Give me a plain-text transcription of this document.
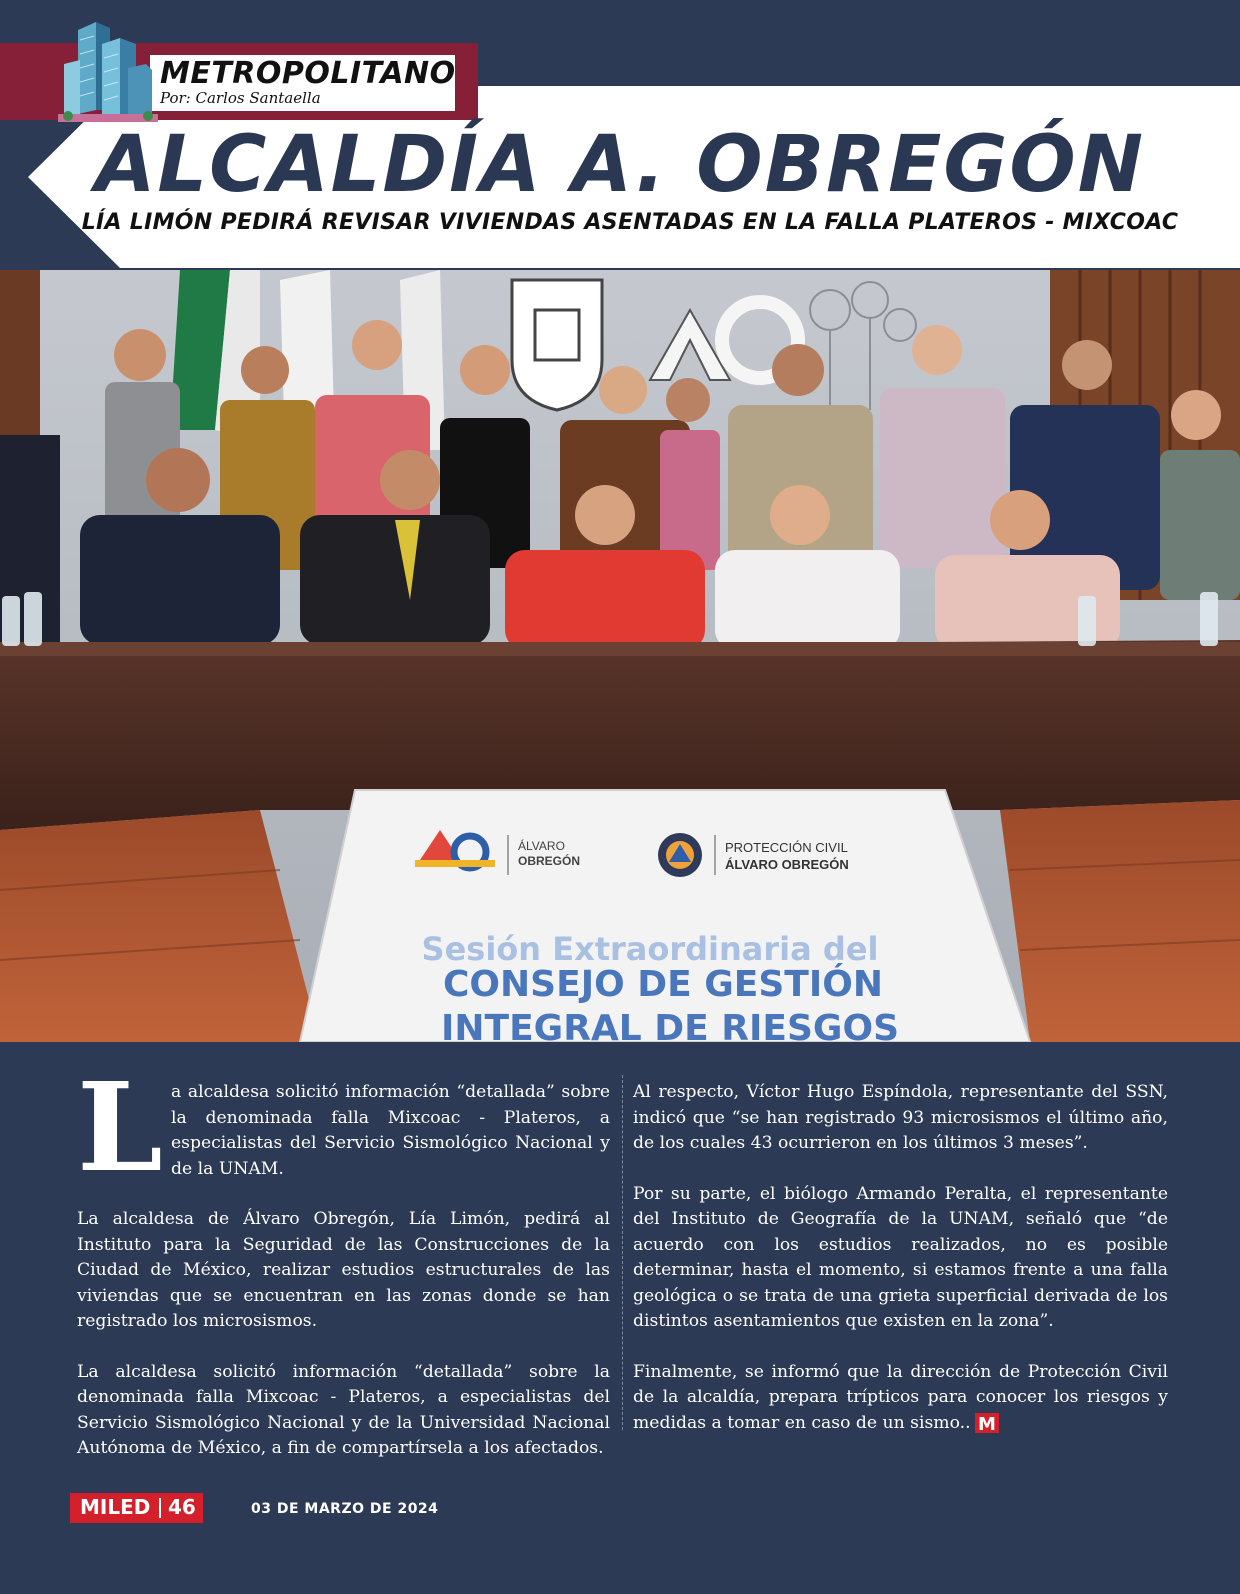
METROPOLITANO
Por: Carlos Santaella
ALCALDÍA A. OBREGÓN
LÍA LIMÓN PEDIRÁ REVISAR VIVIENDAS ASENTADAS EN LA FALLA PLATEROS - MIXCOAC
ÁLVARO
OBREGÓN
PROTECCIÓN CIVIL
ÁLVARO OBREGÓN
Sesión Extraordinaria del
CONSEJO DE GESTIÓN
INTEGRAL DE RIESGOS

L a alcaldesa solicitó información “detallada” sobre la denominada falla Mixcoac - Plateros, a especialistas del Servicio Sismológico Nacional y de la UNAM.

La alcaldesa de Álvaro Obregón, Lía Limón, pedirá al Instituto para la Seguridad de las Construcciones de la Ciudad de México, realizar estudios estructurales de las viviendas que se encuentran en las zonas donde se han registrado los microsismos.

La alcaldesa solicitó información “detallada” sobre la denominada falla Mixcoac - Plateros, a especialistas del Servicio Sismológico Nacional y de la Universidad Nacional Autónoma de México, a fin de compartírsela a los afectados.

Al respecto, Víctor Hugo Espíndola, representante del SSN, indicó que “se han registrado 93 microsismos el último año, de los cuales 43 ocurrieron en los últimos 3 meses”.

Por su parte, el biólogo Armando Peralta, el representante del Instituto de Geografía de la UNAM, señaló que “de acuerdo con los estudios realizados, no es posible determinar, hasta el momento, si estamos frente a una falla geológica o se trata de una grieta superficial derivada de los distintos asentamientos que existen en la zona”.

Finalmente, se informó que la dirección de Protección Civil de la alcaldía, prepara trípticos para conocer los riesgos y medidas a tomar en caso de un sismo.. M

MILED 46	03 DE MARZO DE 2024
